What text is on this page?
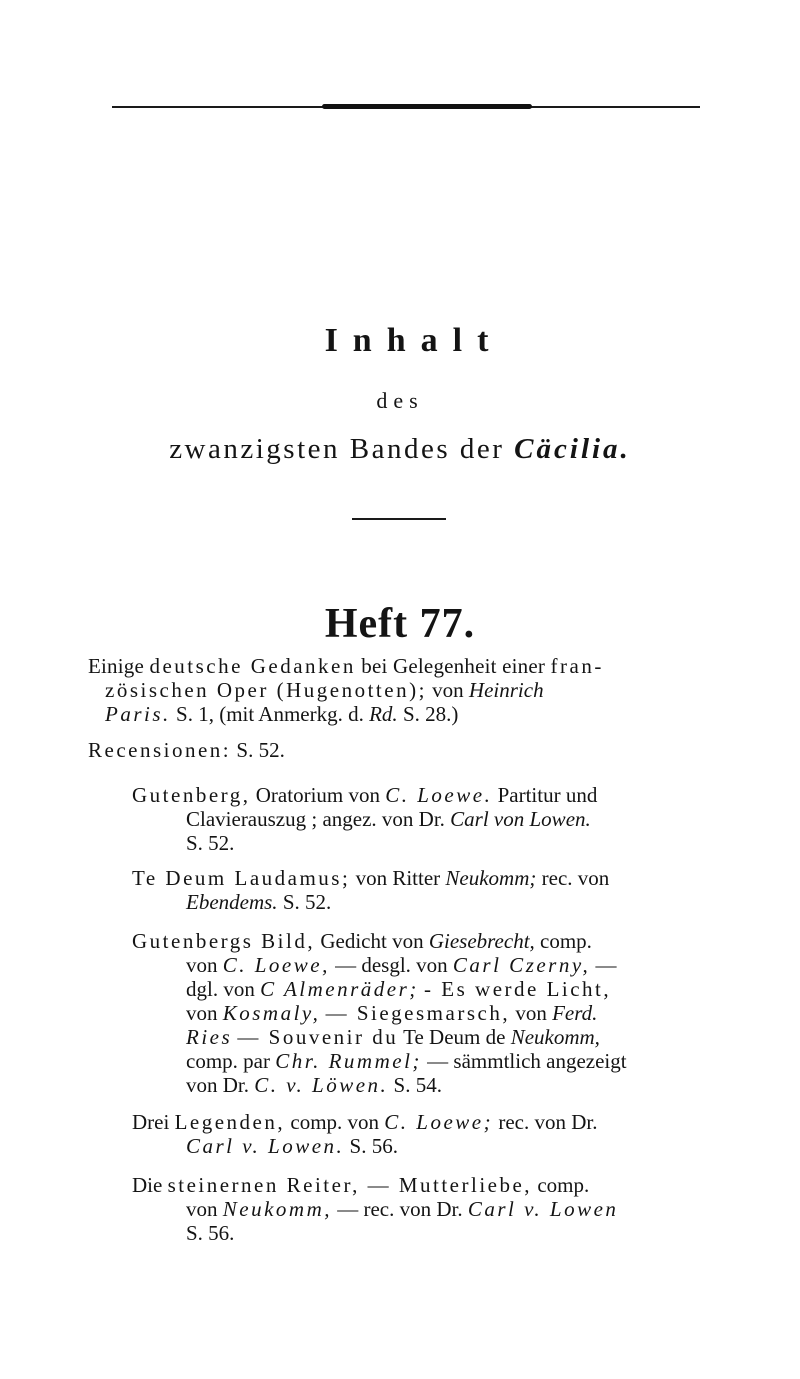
Inhalt
des
zwanzigsten Bandes der Cäcilia.
Heft 77.

Einige deutsche Gedanken bei Gelegenheit einer fran-

zösischen Oper (Hugenotten); von Heinrich

Paris. S. 1, (mit Anmerkg. d. Rd. S. 28.)

Recensionen: S. 52.

Gutenberg, Oratorium von C. Loewe. Partitur und

Clavierauszug ; angez. von Dr. Carl von Lowen.

S. 52.

Te Deum Laudamus; von Ritter Neukomm; rec. von

Ebendems. S. 52.

Gutenbergs Bild, Gedicht von Giesebrecht, comp.

von C. Loewe, — desgl. von Carl Czerny, —

dgl. von C Almenräder; - Es werde Licht,

von Kosmaly, — Siegesmarsch, von Ferd.

Ries — Souvenir du Te Deum de Neukomm,

comp. par Chr. Rummel; — sämmtlich angezeigt

von Dr. C. v. Löwen. S. 54.

Drei Legenden, comp. von C. Loewe; rec. von Dr.

Carl v. Lowen. S. 56.

Die steinernen Reiter, — Mutterliebe, comp.

von Neukomm, — rec. von Dr. Carl v. Lowen

S. 56.
